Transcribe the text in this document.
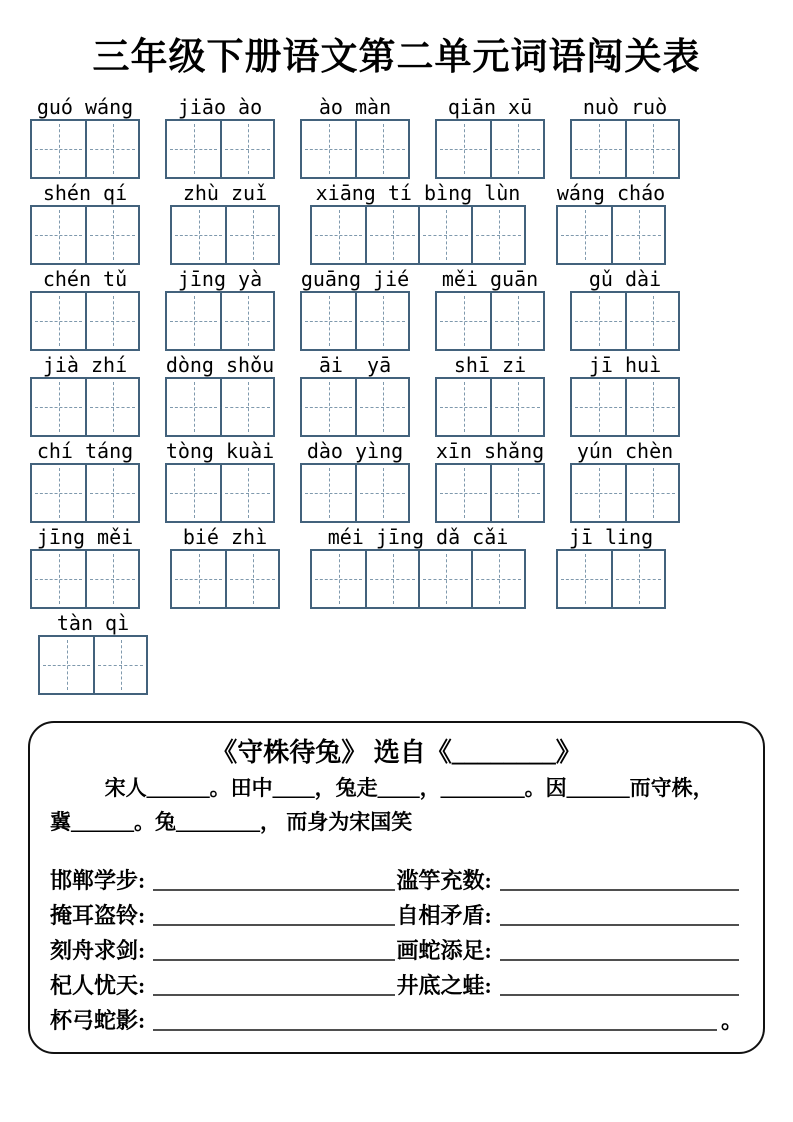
三年级下册语文第二单元词语闯关表
guó wáng jiāo ào	ào màn	qiān xū	nuò ruò
shén qí	zhù zuǐ xiāng tí bìng lùn wáng cháo
chén tǔ	jīng yà guāng jié měi guān	gǔ dài
jià zhí dòng shǒu āi  yā	shī zi	jī huì
chí táng tòng kuài dào yìng xīn shǎng yún chèn
jīng měi bié zhì	méi jīng dǎ cǎi	jī ling
tàn qì
《守株待兔》 选自《________》
宋人______。田中____，兔走____，________。因______而守株，
冀______。兔________， 而身为宋国笑
邯郸学步:	滥竽充数:
掩耳盗铃:	自相矛盾:
刻舟求剑:	画蛇添足:
杞人忧天:	井底之蛙:
杯弓蛇影:	。
